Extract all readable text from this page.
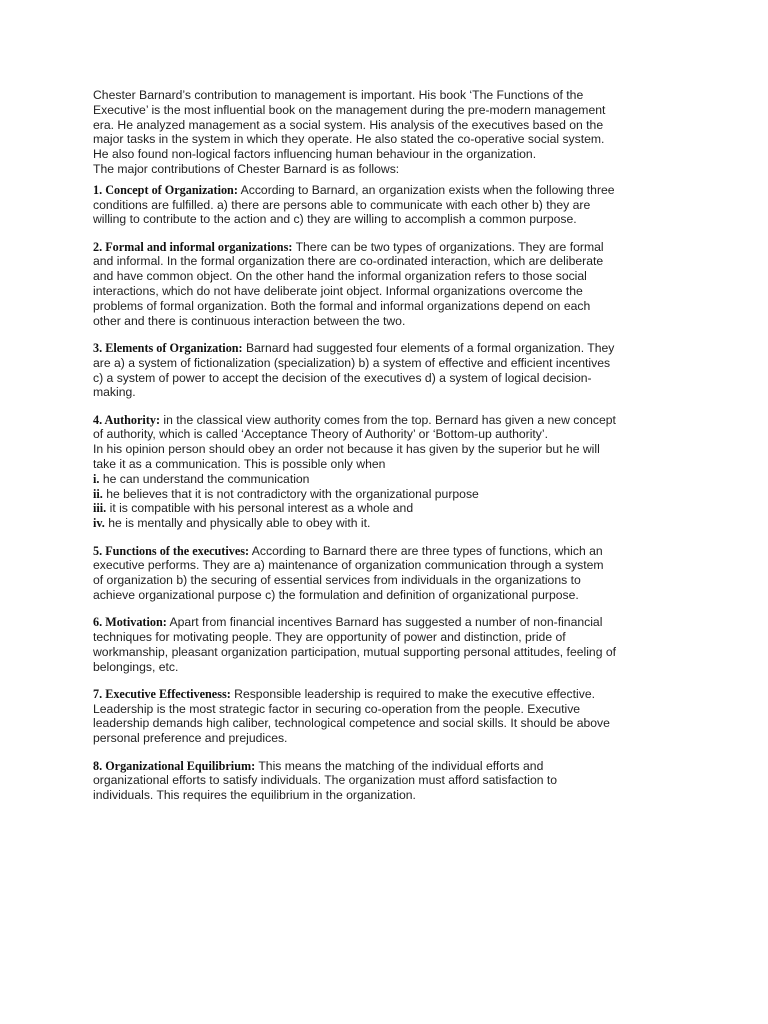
Chester Barnard’s contribution to management is important. His book ‘The Functions of the
Executive’ is the most influential book on the management during the pre-modern management
era. He analyzed management as a social system. His analysis of the executives based on the
major tasks in the system in which they operate. He also stated the co-operative social system.
He also found non-logical factors influencing human behaviour in the organization.
The major contributions of Chester Barnard is as follows:

1. Concept of Organization: According to Barnard, an organization exists when the following three
conditions are fulfilled. a) there are persons able to communicate with each other b) they are
willing to contribute to the action and c) they are willing to accomplish a common purpose.
2. Formal and informal organizations: There can be two types of organizations. They are formal
and informal. In the formal organization there are co-ordinated interaction, which are deliberate
and have common object. On the other hand the informal organization refers to those social
interactions, which do not have deliberate joint object. Informal organizations overcome the
problems of formal organization. Both the formal and informal organizations depend on each
other and there is continuous interaction between the two.
3. Elements of Organization: Barnard had suggested four elements of a formal organization. They
are a) a system of fictionalization (specialization) b) a system of effective and efficient incentives
c) a system of power to accept the decision of the executives d) a system of logical decision-
making.
4. Authority: in the classical view authority comes from the top. Bernard has given a new concept
of authority, which is called ‘Acceptance Theory of Authority’ or ‘Bottom-up authority’.
In his opinion person should obey an order not because it has given by the superior but he will
take it as a communication. This is possible only when

i. he can understand the communication
ii. he believes that it is not contradictory with the organizational purpose
iii. it is compatible with his personal interest as a whole and
iv. he is mentally and physically able to obey with it.
5. Functions of the executives: According to Barnard there are three types of functions, which an
executive performs. They are a) maintenance of organization communication through a system
of organization b) the securing of essential services from individuals in the organizations to
achieve organizational purpose c) the formulation and definition of organizational purpose.
6. Motivation: Apart from financial incentives Barnard has suggested a number of non-financial
techniques for motivating people. They are opportunity of power and distinction, pride of
workmanship, pleasant organization participation, mutual supporting personal attitudes, feeling of
belongings, etc.
7. Executive Effectiveness: Responsible leadership is required to make the executive effective.
Leadership is the most strategic factor in securing co-operation from the people. Executive
leadership demands high caliber, technological competence and social skills. It should be above
personal preference and prejudices.
8. Organizational Equilibrium: This means the matching of the individual efforts and
organizational efforts to satisfy individuals. The organization must afford satisfaction to
individuals. This requires the equilibrium in the organization.
